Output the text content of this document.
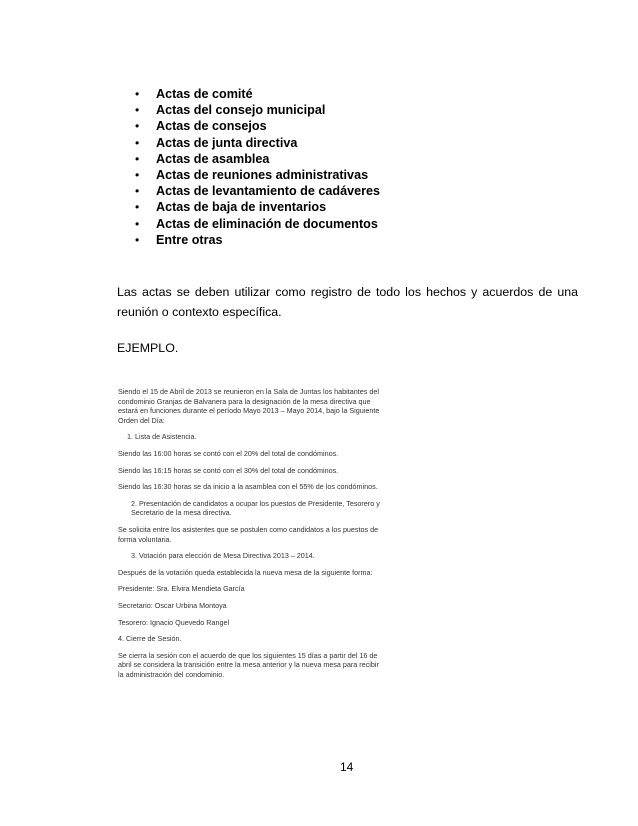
• Actas de comité
• Actas del consejo municipal
• Actas de consejos
• Actas de junta directiva
• Actas de asamblea
• Actas de reuniones administrativas
• Actas de levantamiento de cadáveres
• Actas de baja de inventarios
• Actas de eliminación de documentos
• Entre otras

Las actas se deben utilizar como registro de todo los hechos y acuerdos de una reunión o contexto específica.

EJEMPLO.

Siendo el 15 de Abril de 2013 se reunieron en la Sala de Juntas los habitantes del condominio Granjas de Balvanera para la designación de la mesa directiva que estará en funciones durante el período Mayo 2013 – Mayo 2014, bajo la Siguiente Orden del Día:

1. Lista de Asistencia.

Siendo las 16:00 horas se contó con el 20% del total de condóminos.

Siendo las 16:15 horas se contó con el 30% del total de condóminos.

Siendo las 16:30 horas se da inicio a la asamblea con el 55% de los condóminos.

2. Presentación de candidatos a ocupar los puestos de Presidente, Tesorero y Secretario de la mesa directiva.

Se solicita entre los asistentes que se postulen como candidatos a los puestos de forma voluntaria.

3. Votación para elección de Mesa Directiva 2013 – 2014.

Después de la votación queda establecida la nueva mesa de la siguiente forma:

Presidente: Sra. Elvira Mendieta García

Secretario: Oscar Urbina Montoya

Tesorero: Ignacio Quevedo Rangel

4. Cierre de Sesión.

Se cierra la sesión con el acuerdo de que los siguientes 15 días a partir del 16 de abril se considera la transición entre la mesa anterior y la nueva mesa para recibir la administración del condominio.

14
